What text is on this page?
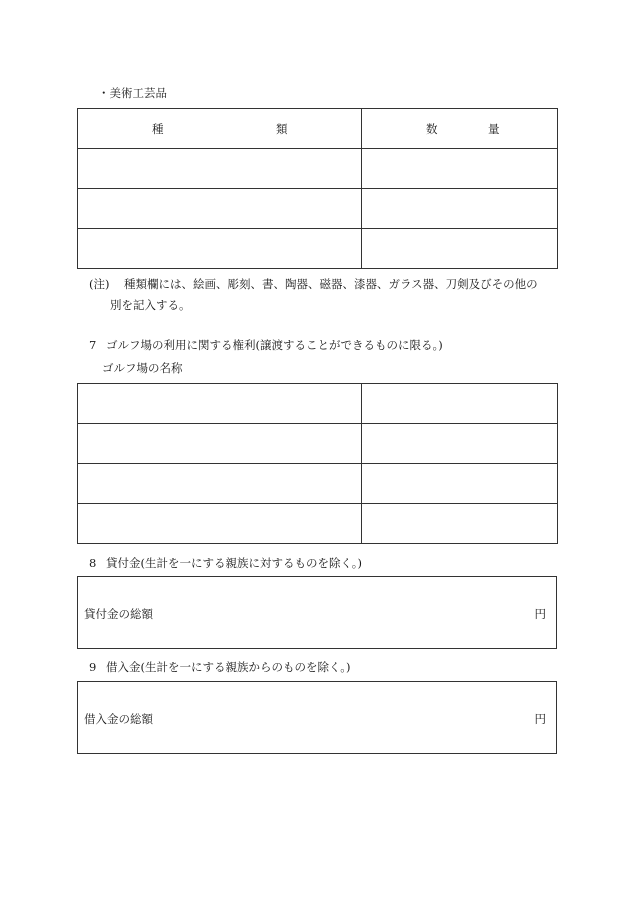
・美術工芸品
種 類	数 量

(注) 種類欄には、絵画、彫刻、書、陶器、磁器、漆器、ガラス器、刀剣及びその他の
別を記入する。
7 ゴルフ場の利用に関する権利(譲渡することができるものに限る。)
ゴルフ場の名称

8 貸付金(生計を一にする親族に対するものを除く。)
貸付金の総額	円
9 借入金(生計を一にする親族からのものを除く。)
借入金の総額	円
